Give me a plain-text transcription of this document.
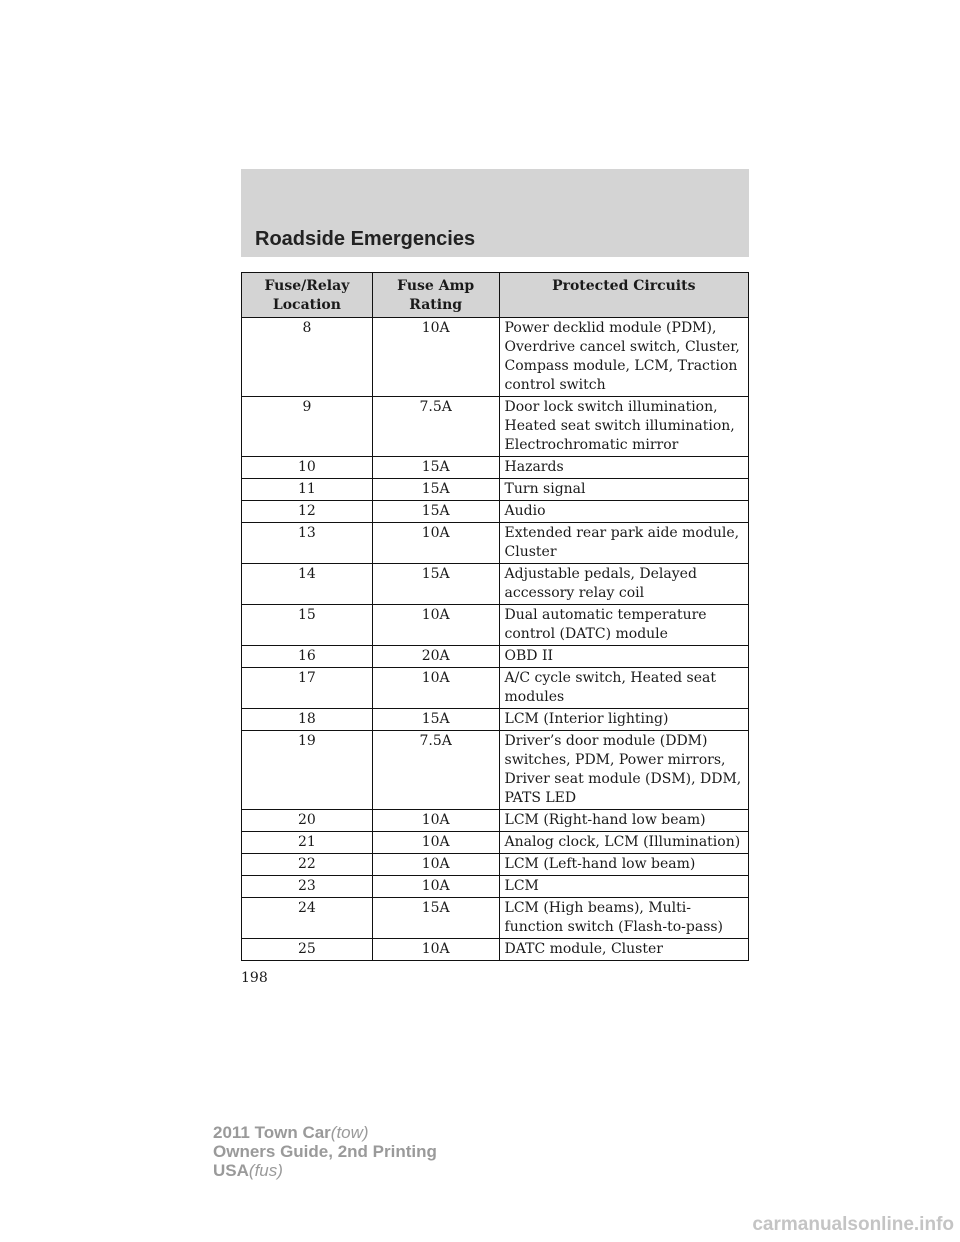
Roadside Emergencies
Fuse/Relay Location	Fuse Amp Rating	Protected Circuits
8	10A	Power decklid module (PDM), Overdrive cancel switch, Cluster, Compass module, LCM, Traction control switch
9	7.5A	Door lock switch illumination, Heated seat switch illumination, Electrochromatic mirror
10	15A	Hazards
11	15A	Turn signal
12	15A	Audio
13	10A	Extended rear park aide module, Cluster
14	15A	Adjustable pedals, Delayed accessory relay coil
15	10A	Dual automatic temperature control (DATC) module
16	20A	OBD II
17	10A	A/C cycle switch, Heated seat modules
18	15A	LCM (Interior lighting)
19	7.5A	Driver’s door module (DDM) switches, PDM, Power mirrors, Driver seat module (DSM), DDM, PATS LED
20	10A	LCM (Right-hand low beam)
21	10A	Analog clock, LCM (Illumination)
22	10A	LCM (Left-hand low beam)
23	10A	LCM
24	15A	LCM (High beams), Multi-function switch (Flash-to-pass)
25	10A	DATC module, Cluster
198
2011 Town Car(tow)
Owners Guide, 2nd Printing
USA(fus)
carmanualsonline.info
